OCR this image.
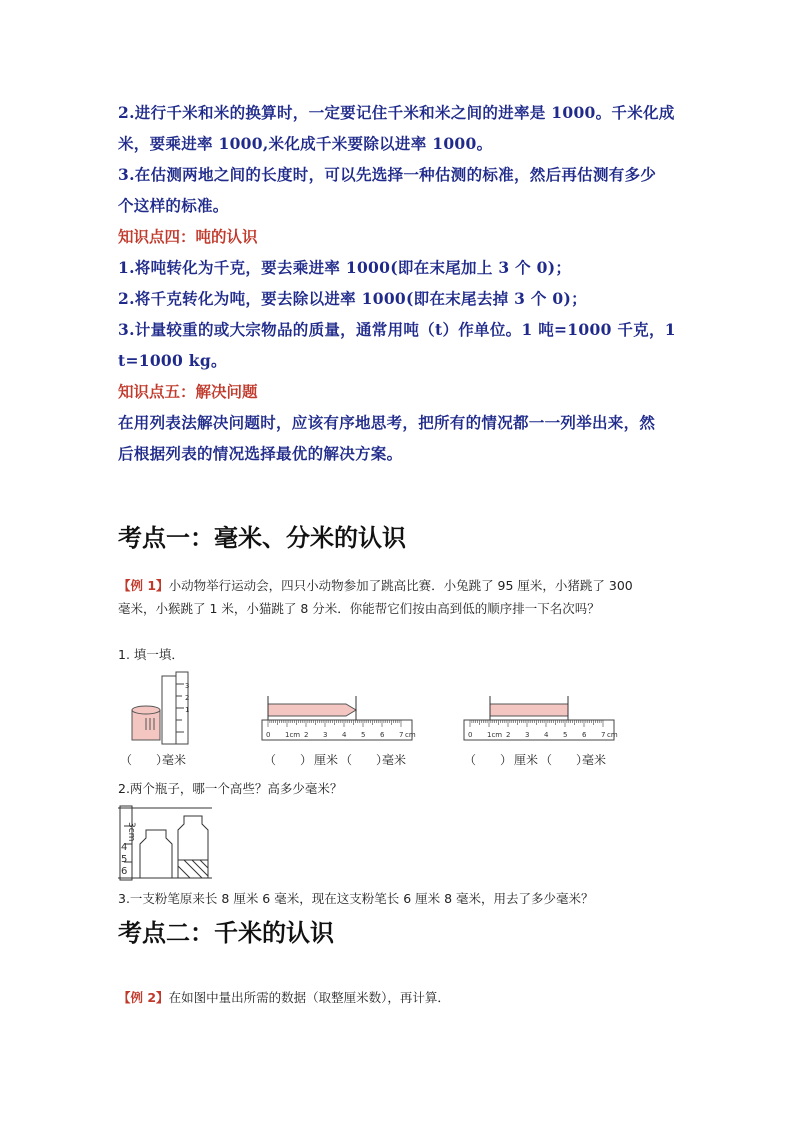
2.进行千米和米的换算时，一定要记住千米和米之间的进率是 1000。千米化成

米，要乘进率 1000,米化成千米要除以进率 1000。

3.在估测两地之间的长度时，可以先选择一种估测的标准，然后再估测有多少

个这样的标准。

知识点四：吨的认识

1.将吨转化为千克，要去乘进率 1000(即在末尾加上 3 个 0)；

2.将千克转化为吨，要去除以进率 1000(即在末尾去掉 3 个 0)；

3.计量较重的或大宗物品的质量，通常用吨（t）作单位。1 吨=1000 千克，1

t=1000 kg。

知识点五：解决问题

在用列表法解决问题时，应该有序地思考，把所有的情况都一一列举出来，然

后根据列表的情况选择最优的解决方案。

考点一：毫米、分米的认识
【例 1】小动物举行运动会，四只小动物参加了跳高比赛．小兔跳了 95 厘米，小猪跳了 300
毫米，小猴跳了 1 米，小猫跳了 8 分米．你能帮它们按由高到低的顺序排一下名次吗？

1. 填一填．

3
2
1
（　　）
毫米
0 1cm 2 3 4 5 6 7 cm
（　　） 厘米 （　　）
毫米
0 1cm 2 3 4 5 6 7 cm
（　　） 厘米 （　　）
毫米

2.两个瓶子，哪一个高些？高多少毫米？

3cm
4
5
6

3.一支粉笔原来长 8 厘米 6 毫米，现在这支粉笔长 6 厘米 8 毫米，用去了多少毫米？

考点二：千米的认识

【例 2】在如图中量出所需的数据（取整厘米数），再计算．
